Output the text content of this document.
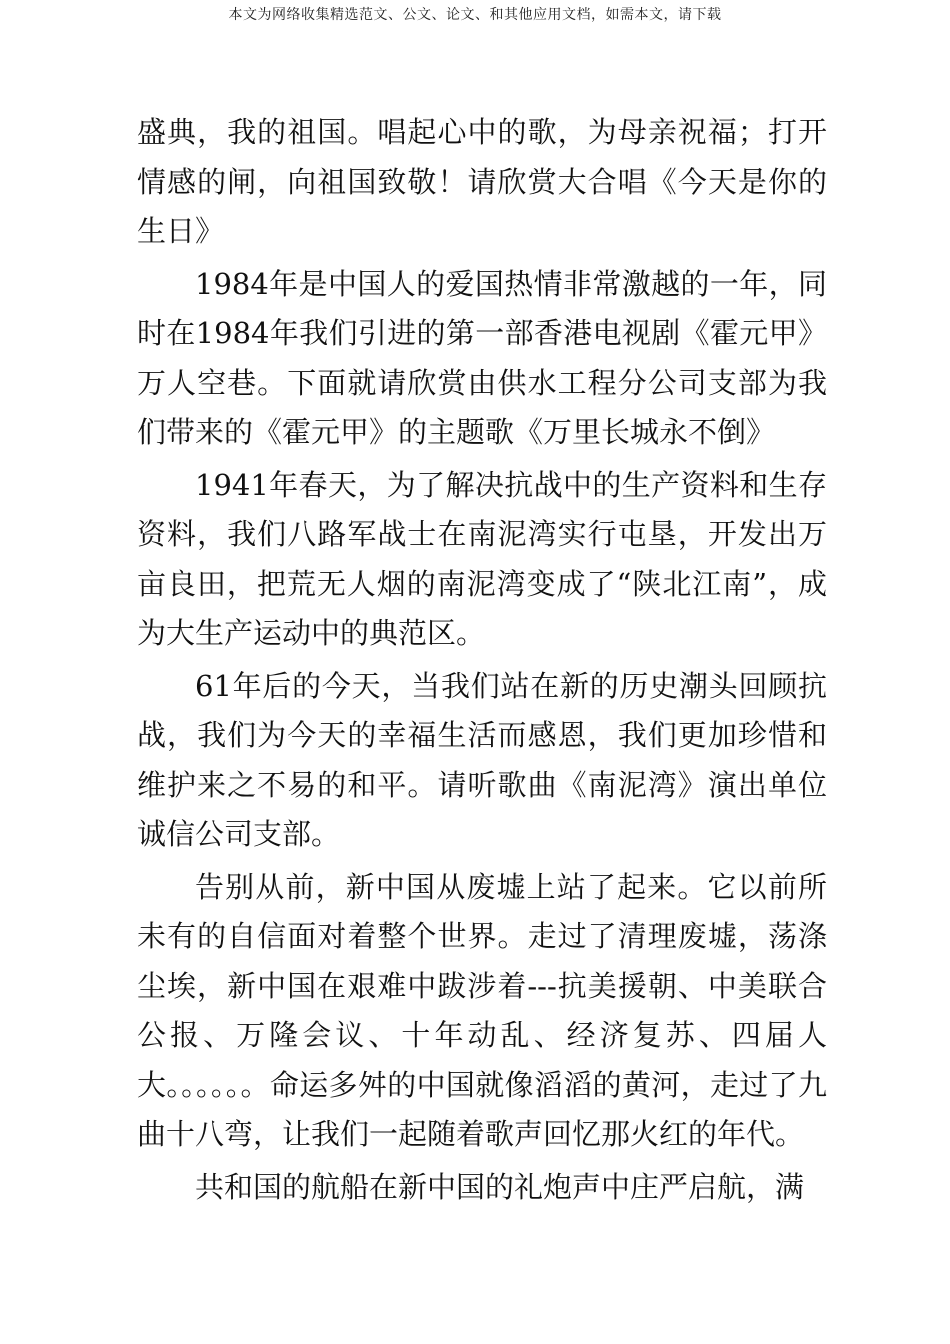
本文为网络收集精选范文、公文、论文、和其他应用文档，如需本文，请下载

盛典，我的祖国。唱起心中的歌，为母亲祝福；打开情感的闸，向祖国致敬！请欣赏大合唱《今天是你的生日》

1984年是中国人的爱国热情非常激越的一年，同时在1984年我们引进的第一部香港电视剧《霍元甲》万人空巷。下面就请欣赏由供水工程分公司支部为我们带来的《霍元甲》的主题歌《万里长城永不倒》

1941年春天，为了解决抗战中的生产资料和生存资料，我们八路军战士在南泥湾实行屯垦，开发出万亩良田，把荒无人烟的南泥湾变成了“陕北江南”，成为大生产运动中的典范区。

61年后的今天，当我们站在新的历史潮头回顾抗战，我们为今天的幸福生活而感恩，我们更加珍惜和维护来之不易的和平。请听歌曲《南泥湾》演出单位诚信公司支部。

告别从前，新中国从废墟上站了起来。它以前所未有的自信面对着整个世界。走过了清理废墟，荡涤尘埃，新中国在艰难中跋涉着---抗美援朝、中美联合公报、万隆会议、十年动乱、经济复苏、四届人大。。。。。。命运多舛的中国就像滔滔的黄河，走过了九曲十八弯，让我们一起随着歌声回忆那火红的年代。

共和国的航船在新中国的礼炮声中庄严启航，满
